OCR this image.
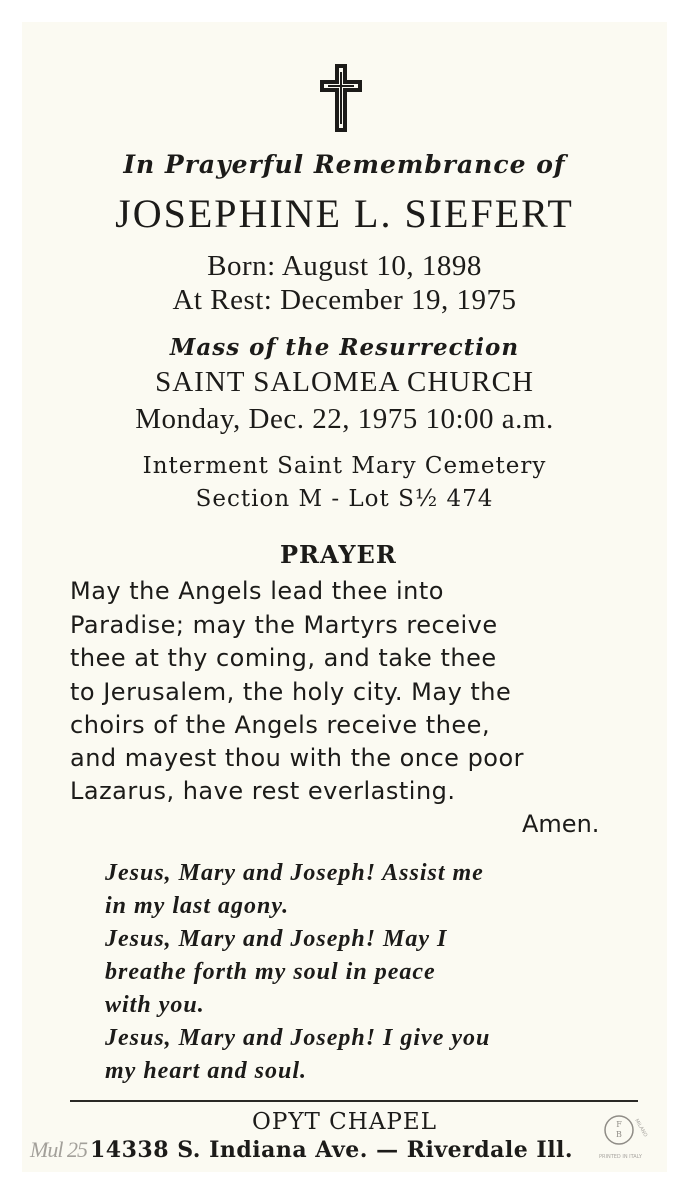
In Prayerful Remembrance of
JOSEPHINE L. SIEFERT
Born: August 10, 1898
At Rest: December 19, 1975
Mass of the Resurrection
SAINT SALOMEA CHURCH
Monday, Dec. 22, 1975 10:00 a.m.
Interment Saint Mary Cemetery
Section M - Lot S½ 474
PRAYER
May the Angels lead thee into
Paradise; may the Martyrs receive
thee at thy coming, and take thee
to Jerusalem, the holy city. May the
choirs of the Angels receive thee,
and mayest thou with the once poor
Lazarus, have rest everlasting.
Amen.
Jesus, Mary and Joseph! Assist me
in my last agony.
Jesus, Mary and Joseph! May I
breathe forth my soul in peace
with you.
Jesus, Mary and Joseph! I give you
my heart and soul.
OPYT CHAPEL
Mul 25 14338 S. Indiana Ave. — Riverdale Ill.
F
B MILANO
PRINTED IN ITALY
